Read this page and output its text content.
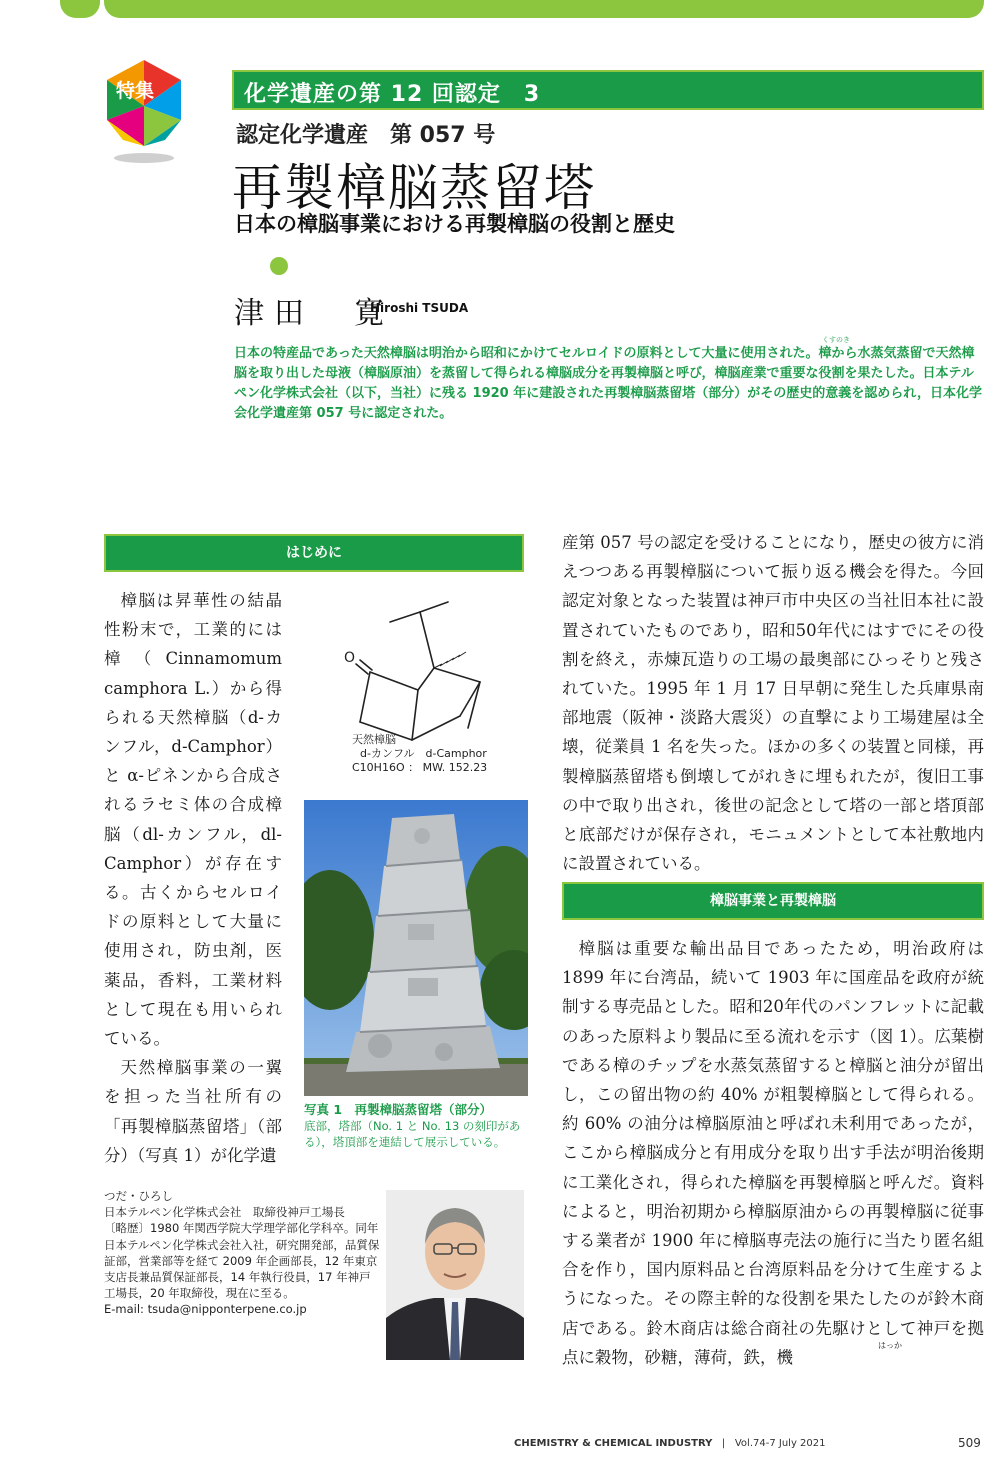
特集	化学遺産の第 12 回認定　3
認定化学遺産　第 057 号
再製樟脳蒸留塔
日本の樟脳事業における再製樟脳の役割と歴史
津田　寛
Hiroshi TSUDA
日本の特産品であった天然樟脳は明治から昭和にかけてセルロイドの原料として大量に使用された。樟から水蒸気蒸留で天然樟脳を取り出した母液（樟脳原油）を蒸留して得られる樟脳成分を再製樟脳と呼び，樟脳産業で重要な役割を果たした。日本テルペン化学株式会社（以下，当社）に残る 1920 年に建設された再製樟脳蒸留塔（部分）がその歴史的意義を認められ，日本化学会化学遺産第 057 号に認定された。
くすのき
はじめに

樟脳は昇華性の結晶性粉末で，工業的には樟（Cinnamomum camphora L.）から得られる天然樟脳（d-カンフル，d-Camphor）と α-ピネンから合成されるラセミ体の合成樟脳（dl-カンフル，dl-Camphor）が存在する。古くからセルロイドの原料として大量に使用され，防虫剤，医薬品，香料，工業材料として現在も用いられている。

天然樟脳事業の一翼を担った当社所有の「再製樟脳蒸留塔」（部分）（写真 1）が化学遺

O
天然樟脳
d-カンフル　d-Camphor
C10H16O ： MW. 152.23
写真 1　再製樟脳蒸留塔（部分）
底部，塔部（No. 1 と No. 13 の刻印がある），塔頂部を連結して展示している。
つだ・ひろし
日本テルペン化学株式会社　取締役神戸工場長
〔略歴〕1980 年関西学院大学理学部化学科卒。同年日本テルペン化学株式会社入社，研究開発部，品質保証部，営業部等を経て 2009 年企画部長，12 年東京支店長兼品質保証部長，14 年執行役員，17 年神戸工場長，20 年取締役，現在に至る。
E-mail: tsuda@nipponterpene.co.jp

産第 057 号の認定を受けることになり，歴史の彼方に消えつつある再製樟脳について振り返る機会を得た。今回認定対象となった装置は神戸市中央区の当社旧本社に設置されていたものであり，昭和50年代にはすでにその役割を終え，赤煉瓦造りの工場の最奥部にひっそりと残されていた。1995 年 1 月 17 日早朝に発生した兵庫県南部地震（阪神・淡路大震災）の直撃により工場建屋は全壊，従業員 1 名を失った。ほかの多くの装置と同様，再製樟脳蒸留塔も倒壊してがれきに埋もれたが，復旧工事の中で取り出され，後世の記念として塔の一部と塔頂部と底部だけが保存され，モニュメントとして本社敷地内に設置されている。

樟脳事業と再製樟脳

樟脳は重要な輸出品目であったため，明治政府は 1899 年に台湾品，続いて 1903 年に国産品を政府が統制する専売品とした。昭和20年代のパンフレットに記載のあった原料より製品に至る流れを示す（図 1）。広葉樹である樟のチップを水蒸気蒸留すると樟脳と油分が留出し，この留出物の約 40% が粗製樟脳として得られる。約 60% の油分は樟脳原油と呼ばれ未利用であったが，ここから樟脳成分と有用成分を取り出す手法が明治後期に工業化され，得られた樟脳を再製樟脳と呼んだ。資料によると，明治初期から樟脳原油からの再製樟脳に従事する業者が 1900 年に樟脳専売法の施行に当たり匿名組合を作り，国内原料品と台湾原料品を分けて生産するようになった。その際主幹的な役割を果たしたのが鈴木商店である。鈴木商店は総合商社の先駆けとして神戸を拠点に穀物，砂糖，薄荷，鉄，機

はっか
CHEMISTRY & CHEMICAL INDUSTRY   |   Vol.74-7 July 2021	509
